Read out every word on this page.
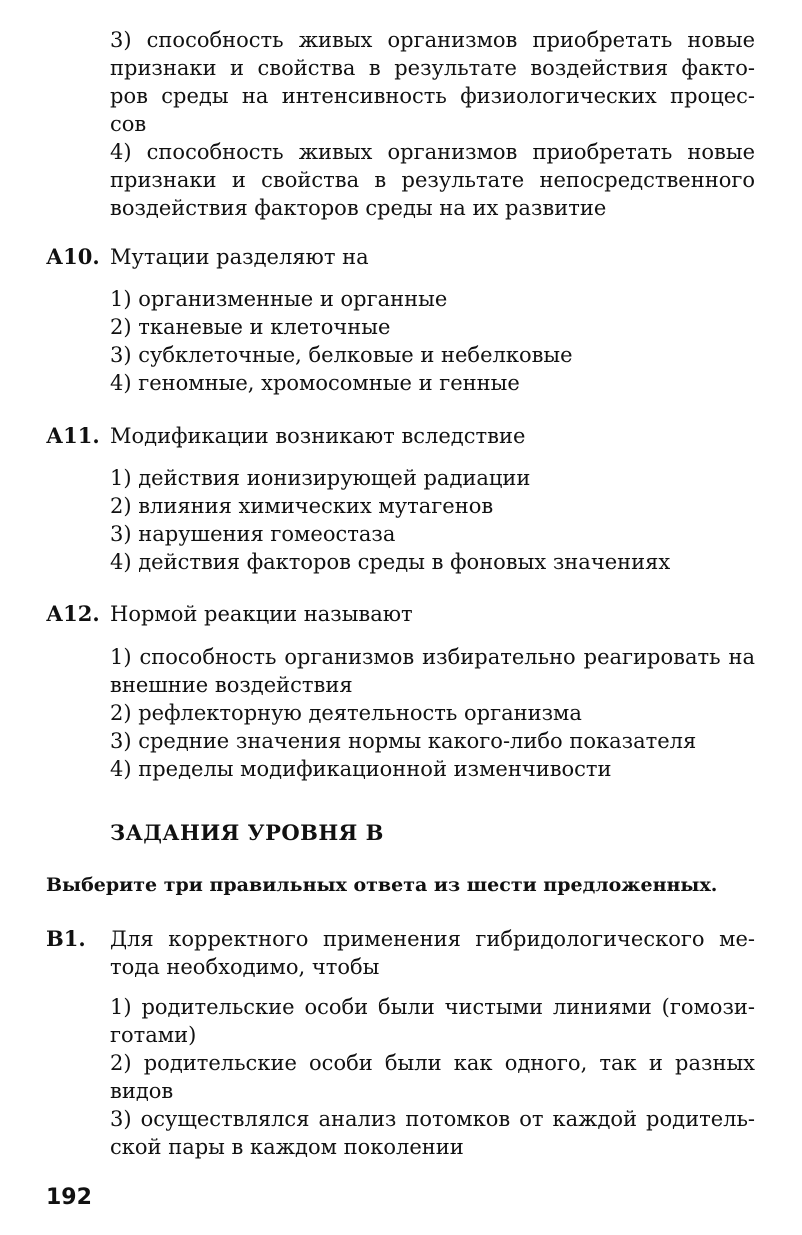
3) способность живых организмов приобретать новые
признаки и свойства в результате воздействия факто-
ров среды на интенсивность физиологических процес-
сов
4) способность живых организмов приобретать новые
признаки и свойства в результате непосредственного
воздействия факторов среды на их развитие
А10. Мутации разделяют на
1) организменные и органные
2) тканевые и клеточные
3) субклеточные, белковые и небелковые
4) геномные, хромосомные и генные
А11. Модификации возникают вследствие
1) действия ионизирующей радиации
2) влияния химических мутагенов
3) нарушения гомеостаза
4) действия факторов среды в фоновых значениях
А12. Нормой реакции называют
1) способность организмов избирательно реагировать на
внешние воздействия
2) рефлекторную деятельность организма
3) средние значения нормы какого-либо показателя
4) пределы модификационной изменчивости
ЗАДАНИЯ УРОВНЯ В
Выберите три правильных ответа из шести предложенных.
В1. Для корректного применения гибридологического ме-
тода необходимо, чтобы
1) родительские особи были чистыми линиями (гомози-
готами)
2) родительские особи были как одного, так и разных
видов
3) осуществлялся анализ потомков от каждой родитель-
ской пары в каждом поколении
192
